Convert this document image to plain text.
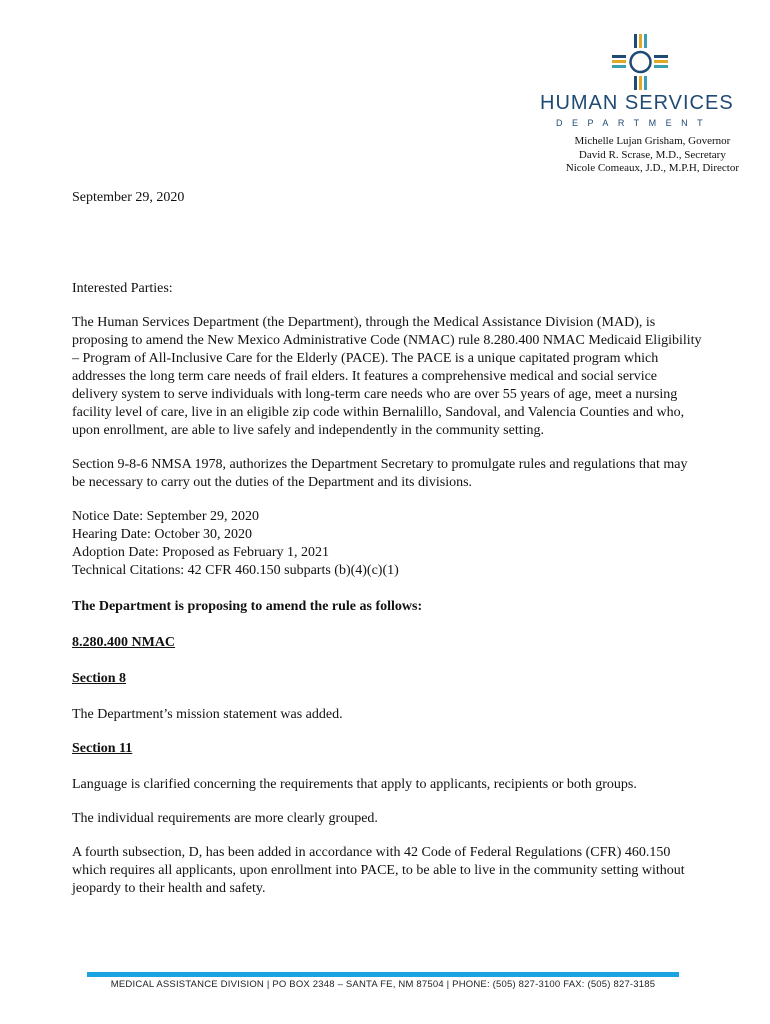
HUMAN SERVICES
DEPARTMENT
Michelle Lujan Grisham, Governor
David R. Scrase, M.D., Secretary
Nicole Comeaux, J.D., M.P.H, Director
September 29, 2020

Interested Parties:

The Human Services Department (the Department), through the Medical Assistance Division (MAD), is proposing to amend the New Mexico Administrative Code (NMAC) rule 8.280.400 NMAC Medicaid Eligibility – Program of All-Inclusive Care for the Elderly (PACE). The PACE is a unique capitated program which addresses the long term care needs of frail elders. It features a comprehensive medical and social service delivery system to serve individuals with long-term care needs who are over 55 years of age, meet a nursing facility level of care, live in an eligible zip code within Bernalillo, Sandoval, and Valencia Counties and who, upon enrollment, are able to live safely and independently in the community setting.

Section 9-8-6 NMSA 1978, authorizes the Department Secretary to promulgate rules and regulations that may be necessary to carry out the duties of the Department and its divisions.

Notice Date: September 29, 2020

Hearing Date: October 30, 2020

Adoption Date: Proposed as February 1, 2021

Technical Citations: 42 CFR 460.150 subparts (b)(4)(c)(1)

The Department is proposing to amend the rule as follows:

8.280.400 NMAC

Section 8

The Department’s mission statement was added.

Section 11

Language is clarified concerning the requirements that apply to applicants, recipients or both groups.

The individual requirements are more clearly grouped.

A fourth subsection, D, has been added in accordance with 42 Code of Federal Regulations (CFR) 460.150 which requires all applicants, upon enrollment into PACE, to be able to live in the community setting without jeopardy to their health and safety.

MEDICAL ASSISTANCE DIVISION | PO BOX 2348 – SANTA FE, NM 87504 | PHONE: (505) 827-3100 FAX: (505) 827-3185
